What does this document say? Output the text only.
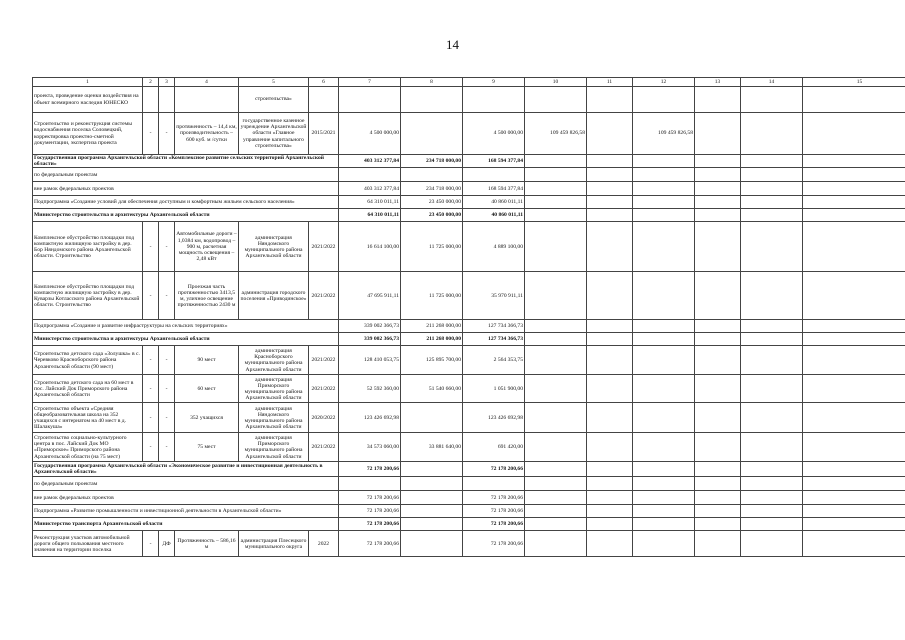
14
1	2	3	4	5	6	7	8	9	10	11	12	13	14	15
проекта, проведение оценки воздействия на объект всемирного наследия ЮНЕСКО				строительства»										
Строительство и реконструкция системы водоснабжения поселка Соловецкий, корректировка проектно-сметной документации, экспертиза проекта	-	-	протяженность – 14,4 км, производительность – 600 куб. м /сутки	государственное казенное учреждение Архангельской области «Главное управление капитального строительства»	2015/2021	4 500 000,00		4 500 000,00	109 459 826,58		109 459 826,58			
Государственная программа Архангельской области «Комплексное развитие сельских территорий Архангельской области»						403 312 377,84	234 718 000,00	168 594 377,84						
по федеральным проектам														
вне рамок федеральных проектов						403 312 377,84	234 718 000,00	168 594 377,84						
Подпрограмма «Создание условий для обеспечения доступным и комфортным жильем сельского населения»						64 310 011,11	23 450 000,00	40 860 011,11						
Министерство строительства и архитектуры Архангельской области						64 310 011,11	23 450 000,00	40 860 011,11						
Комплексное обустройство площадки под компактную жилищную застройку в дер. Бор Няндомского района Архангельской области. Строительство	-	-	Автомобильные дороги – 1,0384 км, водопровод – 900 м, расчетная мощность освещения – 2,48 кВт	администрация Няндомского муниципального района Архангельской области	2021/2022	16 614 100,00	11 725 000,00	4 889 100,00						
Комплексное обустройство площадки под компактную жилищную застройку в дер. Куварзы Котласского района Архангельской области. Строительство	-	-	Проезжая часть протяженностью 3413,5 м, уличное освещение протяженностью 2430 м	администрация городского поселения «Приводинское»	2021/2022	47 695 911,11	11 725 000,00	35 970 911,11						
Подпрограмма «Создание и развитие инфраструктуры на сельских территориях»						339 002 366,73	211 268 000,00	127 734 366,73						
Министерство строительства и архитектуры Архангельской области						339 002 366,73	211 268 000,00	127 734 366,73						
Строительство детского сада «Золушка» в с. Черевково Красноборского района Архангельской области (90 мест)	-	-	90 мест	администрация Красноборского муниципального района Архангельской области	2021/2022	128 410 053,75	125 895 700,00	2 564 353,75						
Строительство детского сада на 60 мест в пос. Лайский Док Приморского района Архангельской области	-	-	60 мест	администрация Приморского муниципального района Архангельской области	2021/2022	52 592 360,00	51 540 660,00	1 051 900,00						
Строительство объекта «Средняя общеобразовательная школа на 352 учащихся с интернатом на 40 мест в д. Шалакуша»	-	-	352 учащихся	администрация Няндомского муниципального района Архангельской области	2020/2022	123 426 692,98		123 426 692,98						
Строительство социально-культурного центра в пос. Лайский Док МО «Приморское» Приморского района Архангельской области (на 75 мест)	-	-	75 мест	администрация Приморского муниципального района Архангельской области	2021/2022	34 573 060,00	33 881 640,00	691 420,00						
Государственная программа Архангельской области «Экономическое развитие и инвестиционная деятельность в Архангельской области»						72 178 200,66		72 178 200,66						
по федеральным проектам														
вне рамок федеральных проектов						72 178 200,66		72 178 200,66						
Подпрограмма «Развитие промышленности и инвестиционной деятельности в Архангельской области»						72 178 200,66		72 178 200,66						
Министерство транспорта Архангельской области						72 178 200,66		72 178 200,66						
Реконструкция участков автомобильной дороги общего пользования местного значения на территории поселка	-	ДФ	Протяженность – 586,16 м	администрация Плесецкого муниципального округа	2022	72 178 200,66		72 178 200,66						
